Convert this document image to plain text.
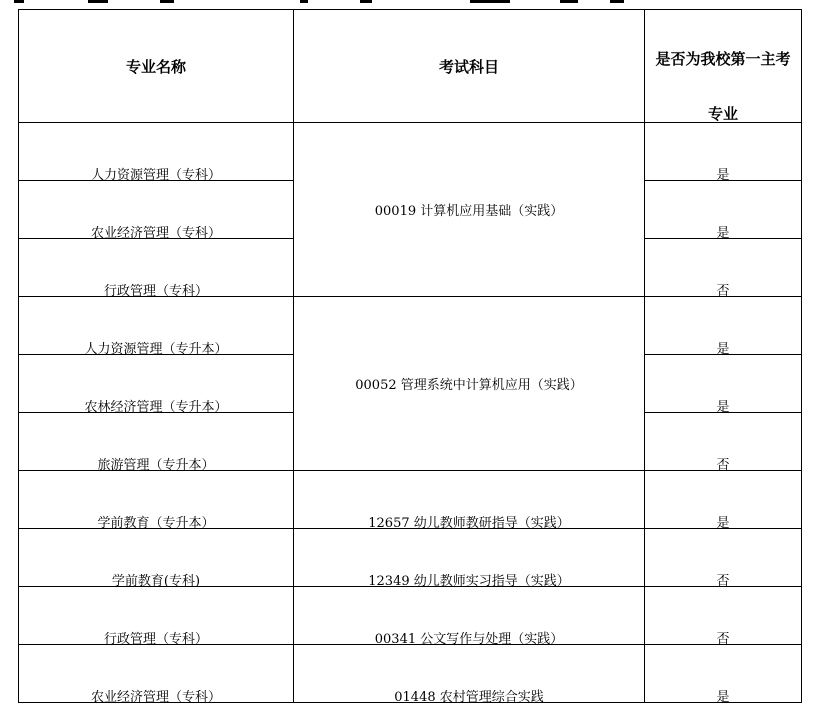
专业名称	考试科目	是否为我校第一主考
专业

人力资源管理（专科）	00019 计算机应用基础（实践）	是
农业经济管理（专科）		是
行政管理（专科）		否
人力资源管理（专升本）	00052 管理系统中计算机应用（实践）	是
农林经济管理（专升本）		是
旅游管理（专升本）		否
学前教育（专升本）	12657 幼儿教师教研指导（实践）	是
学前教育(专科)	12349 幼儿教师实习指导（实践）	否
行政管理（专科）	00341 公文写作与处理（实践）	否
农业经济管理（专科）	01448 农村管理综合实践	是
